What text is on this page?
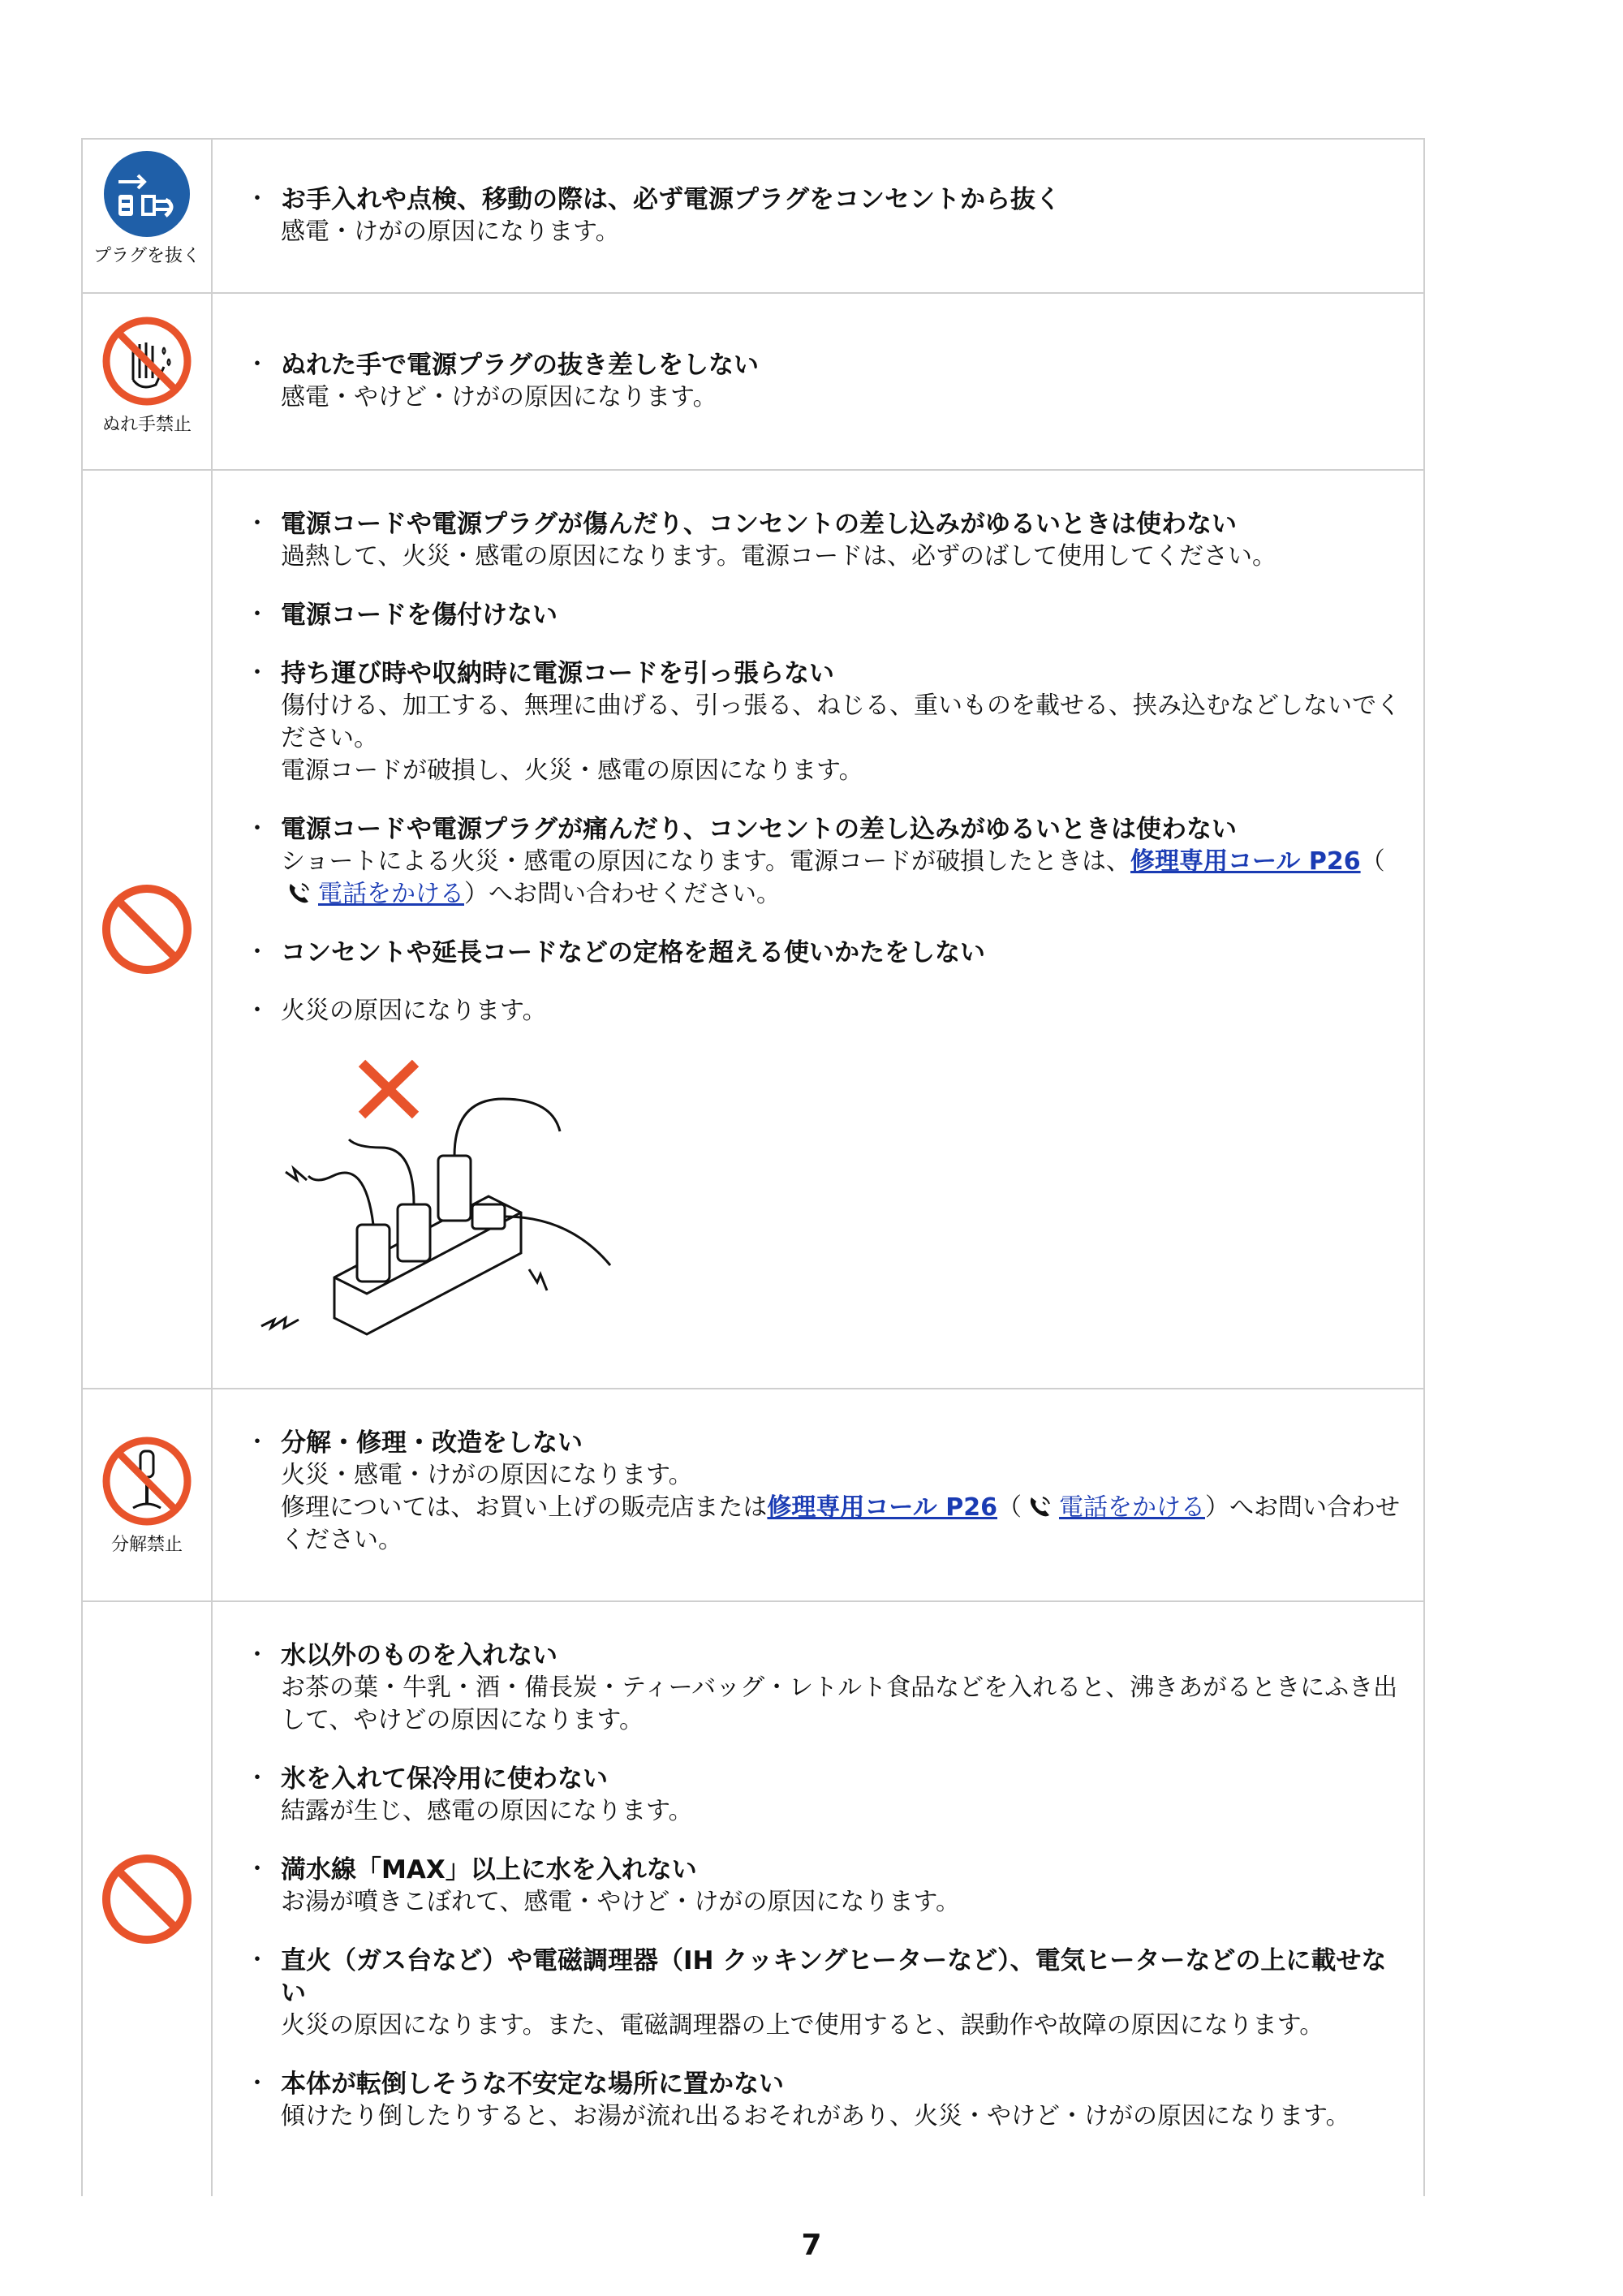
プラグを抜く
・ お手入れや点検、移動の際は、必ず電源プラグをコンセントから抜く
感電・けがの原因になります。
ぬれ手禁止
・ ぬれた手で電源プラグの抜き差しをしない
感電・やけど・けがの原因になります。
・ 電源コードや電源プラグが傷んだり、コンセントの差し込みがゆるいときは使わない
過熱して、火災・感電の原因になります。電源コードは、必ずのばして使用してください。
・ 電源コードを傷付けない
・ 持ち運び時や収納時に電源コードを引っ張らない
傷付ける、加工する、無理に曲げる、引っ張る、ねじる、重いものを載せる、挟み込むなどしないでください。
電源コードが破損し、火災・感電の原因になります。
・ 電源コードや電源プラグが痛んだり、コンセントの差し込みがゆるいときは使わない
ショートによる火災・感電の原因になります。電源コードが破損したときは、修理専用コール P26（電話をかける）へお問い合わせください。
・ コンセントや延長コードなどの定格を超える使いかたをしない
・ 火災の原因になります。
分解禁止
・ 分解・修理・改造をしない
火災・感電・けがの原因になります。
修理については、お買い上げの販売店または修理専用コール P26（ 電話をかける）へお問い合わせください。
・ 水以外のものを入れない
お茶の葉・牛乳・酒・備長炭・ティーバッグ・レトルト食品などを入れると、沸きあがるときにふき出して、やけどの原因になります。
・ 氷を入れて保冷用に使わない
結露が生じ、感電の原因になります。
・ 満水線「MAX」以上に水を入れない
お湯が噴きこぼれて、感電・やけど・けがの原因になります。
・ 直火（ガス台など）や電磁調理器（IH クッキングヒーターなど）、電気ヒーターなどの上に載せない
火災の原因になります。また、電磁調理器の上で使用すると、誤動作や故障の原因になります。
・ 本体が転倒しそうな不安定な場所に置かない
傾けたり倒したりすると、お湯が流れ出るおそれがあり、火災・やけど・けがの原因になります。
7
